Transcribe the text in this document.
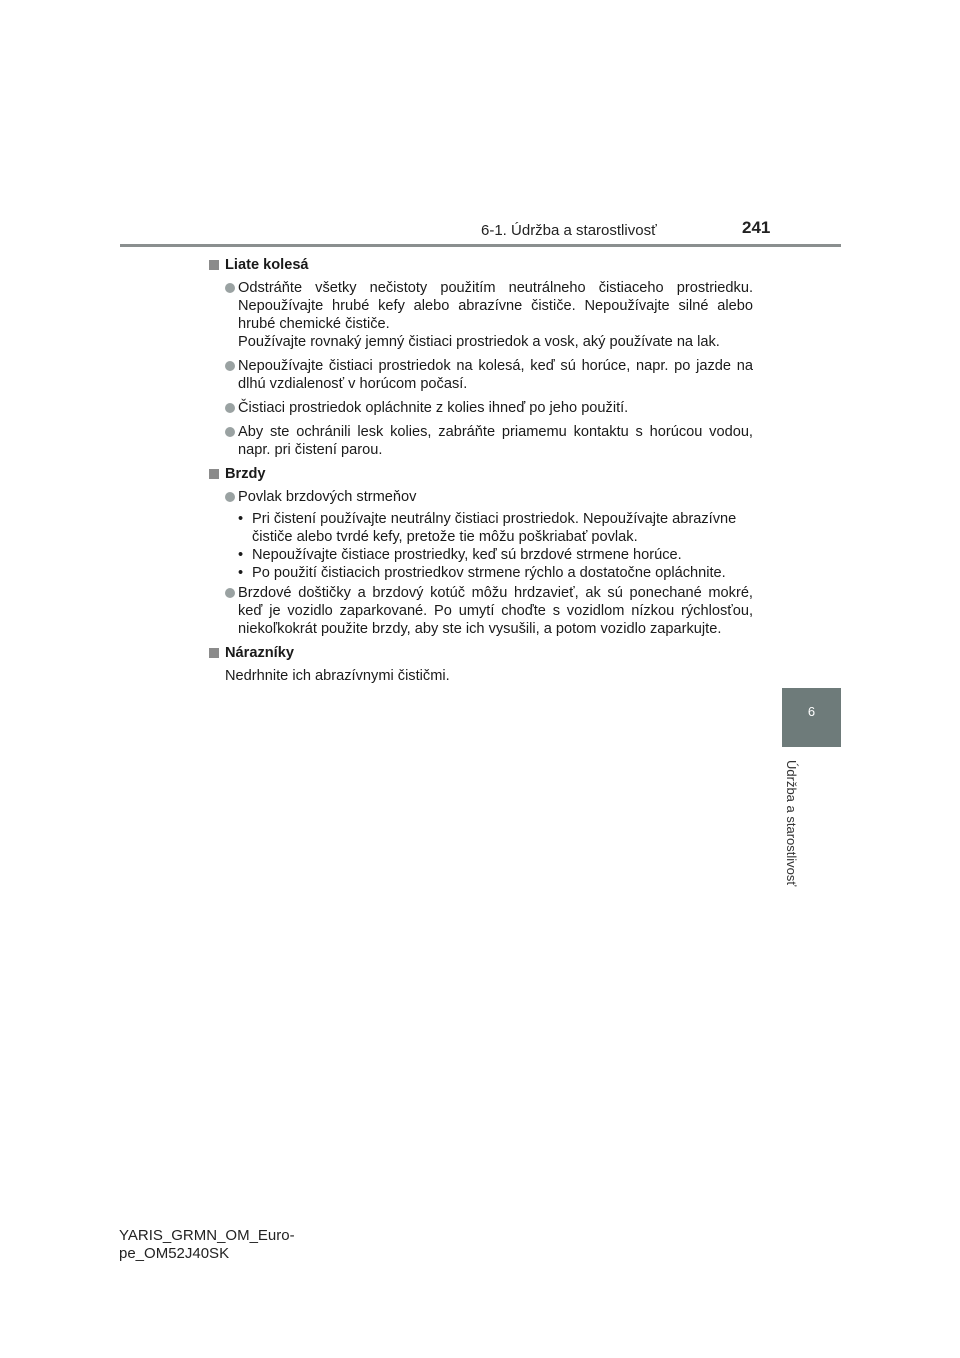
6-1. Údržba a starostlivosť	241
6
Údržba a starostlivosť
Liate kolesá

Odstráňte všetky nečistoty použitím neutrálneho čistiaceho prostriedku. Nepoužívajte hrubé kefy alebo abrazívne čističe. Nepoužívajte silné alebo hrubé chemické čističe.

Používajte rovnaký jemný čistiaci prostriedok a vosk, aký používate na lak.

Nepoužívajte čistiaci prostriedok na kolesá, keď sú horúce, napr. po jazde na dlhú vzdialenosť v horúcom počasí.

Čistiaci prostriedok opláchnite z kolies ihneď po jeho použití.

Aby ste ochránili lesk kolies, zabráňte priamemu kontaktu s horúcou vodou, napr. pri čistení parou.

Brzdy

Povlak brzdových strmeňov

• Pri čistení používajte neutrálny čistiaci prostriedok. Nepoužívajte abrazívne čističe alebo tvrdé kefy, pretože tie môžu poškriabať povlak.
• Nepoužívajte čistiace prostriedky, keď sú brzdové strmene horúce.
• Po použití čistiacich prostriedkov strmene rýchlo a dostatočne opláchnite.

Brzdové doštičky a brzdový kotúč môžu hrdzavieť, ak sú ponechané mokré, keď je vozidlo zaparkované. Po umytí choďte s vozidlom nízkou rýchlosťou, niekoľkokrát použite brzdy, aby ste ich vysušili, a potom vozidlo zaparkujte.

Nárazníky
Nedrhnite ich abrazívnymi čističmi.
YARIS_GRMN_OM_Euro-
pe_OM52J40SK
